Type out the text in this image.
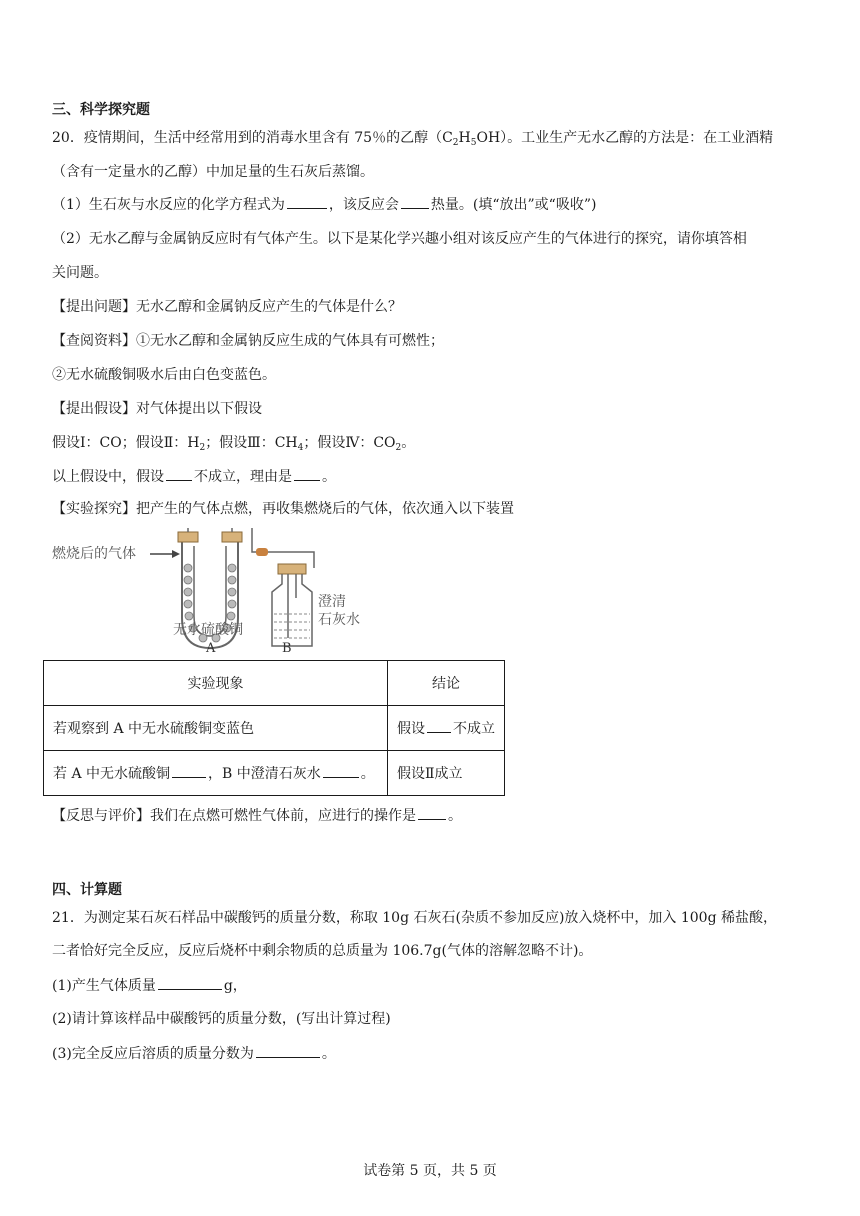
三、科学探究题
20．疫情期间，生活中经常用到的消毒水里含有 75％的乙醇$(C_2H_5OH)$。工业生产无水乙醇的方法是：在工业酒精
（含有一定量水的乙醇）中加足量的生石灰后蒸馏。
（1）生石灰与水反应的化学方程式为	，该反应会 热量。(填“放出”或“吸收”)
（2）无水乙醇与金属钠反应时有气体产生。以下是某化学兴趣小组对该反应产生的气体进行的探究，请你填答相
关问题。
【提出问题】无水乙醇和金属钠反应产生的气体是什么？
【查阅资料】①无水乙醇和金属钠反应生成的气体具有可燃性；
②无水硫酸铜吸水后由白色变蓝色。
【提出假设】对气体提出以下假设
假设Ⅰ：CO；假设Ⅱ：$H_2$；假设Ⅲ：$CH_4$；假设Ⅳ：$CO_2$。
以上假设中，假设 不成立，理由是 。
【实验探究】把产生的气体点燃，再收集燃烧后的气体，依次通入以下装置
燃烧后的气体
澄清
石灰水
无水硫酸铜
A	B
实验现象	结论
若观察到 A 中无水硫酸铜变蓝色	假设 不成立
若 A 中无水硫酸铜 ，B 中澄清石灰水 。	假设Ⅱ成立
【反思与评价】我们在点燃可燃性气体前，应进行的操作是 。
四、计算题
21．为测定某石灰石样品中碳酸钙的质量分数，称取 10g 石灰石(杂质不参加反应)放入烧杯中，加入 100g 稀盐酸，
二者恰好完全反应，反应后烧杯中剩余物质的总质量为 106.7g(气体的溶解忽略不计)。
(1)产生气体质量	g，
(2)请计算该样品中碳酸钙的质量分数，(写出计算过程)
(3)完全反应后溶质的质量分数为	。
试卷第 5 页，共 5 页
